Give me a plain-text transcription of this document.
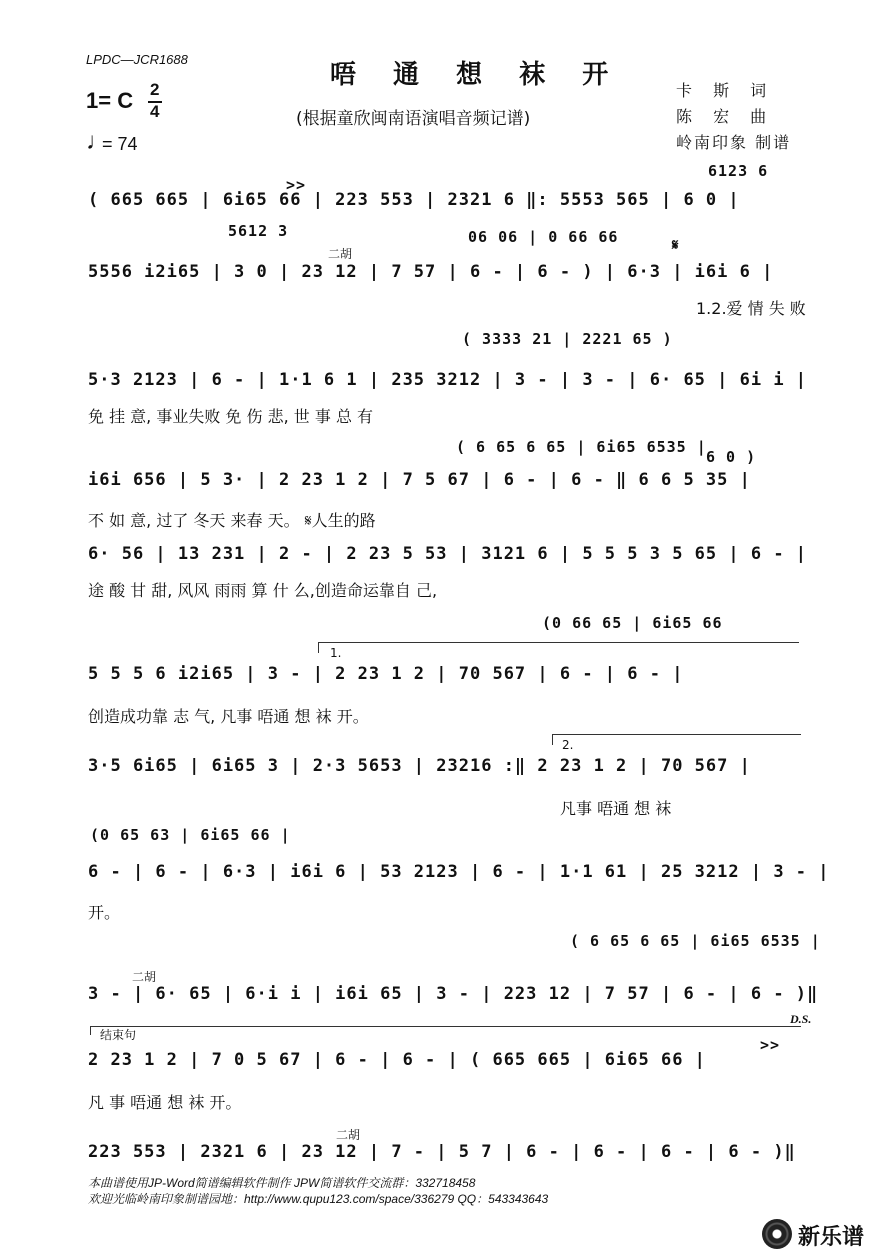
LPDC—JCR1688
唔 通 想 袜 开
(根据童欣闽南语演唱音频记谱)
卡 斯 词
陈 宏 曲
岭南印象 制谱
1= C 2
4
♩
= 74
( 665 665 | 6i65 66 | 223 553 | 2321 6 ‖: 5553 565 | 6 0 |
6123 6
>>
5556 i2i65 | 3 0 | 23 12 | 7 57 | 6 - | 6 - ) | 6·3 | i6i 6 |
1.2.爱 情 失 败
5612 3
二胡
06 06 | 0 66 66	𝄋
5·3 2123 | 6 - | 1·1 6 1 | 235 3212 | 3 - | 3 - | 6· 65 | 6i i |
免 挂 意, 事业失败 免 伤 悲, 世 事 总 有
( 3333 21 | 2221 65 )
i6i 656 | 5 3· | 2 23 1 2 | 7 5 67 | 6 - | 6 - ‖ 6 6 5 35 |
不 如 意, 过了 冬天 来春 天。 𝄋人生的路
( 6 65 6 65 | 6i65 6535 |
6 0 )
6· 56 | 13 231 | 2 - | 2 23 5 53 | 3121 6 | 5 5 5 3 5 65 | 6 - |
途 酸 甘 甜, 风风 雨雨 算 什 么,创造命运靠自 己,
5 5 5 6 i2i65 | 3 - | 2 23 1 2 | 70 567 | 6 - | 6 - |
创造成功靠 志 气, 凡事 唔通 想 袜 开。
(0 66 65 | 6i65 66
1.
3·5 6i65 | 6i65 3 | 2·3 5653 | 23216 :‖ 2 23 1 2 | 70 567 |
凡事 唔通 想 袜
2.
6 - | 6 - | 6·3 | i6i 6 | 53 2123 | 6 - | 1·1 61 | 25 3212 | 3 - |
开。
(0 65 63 | 6i65 66 |
3 - | 6· 65 | 6·i i | i6i 65 | 3 - | 223 12 | 7 57 | 6 - | 6 - )‖
( 6 65 6 65 | 6i65 6535 |
二胡
2 23 1 2 | 7 0 5 67 | 6 - | 6 - | ( 665 665 | 6i65 66 |
凡 事 唔通 想 袜 开。
结束句
>>
223 553 | 2321 6 | 23 12 | 7 - | 5 7 | 6 - | 6 - | 6 - | 6 - )‖
二胡
D.S.
本曲谱使用JP-Word简谱编辑软件制作 JPW简谱软件交流群：332718458
欢迎光临岭南印象制谱园地：http://www.qupu123.com/space/336279 QQ：543343643
新乐谱
